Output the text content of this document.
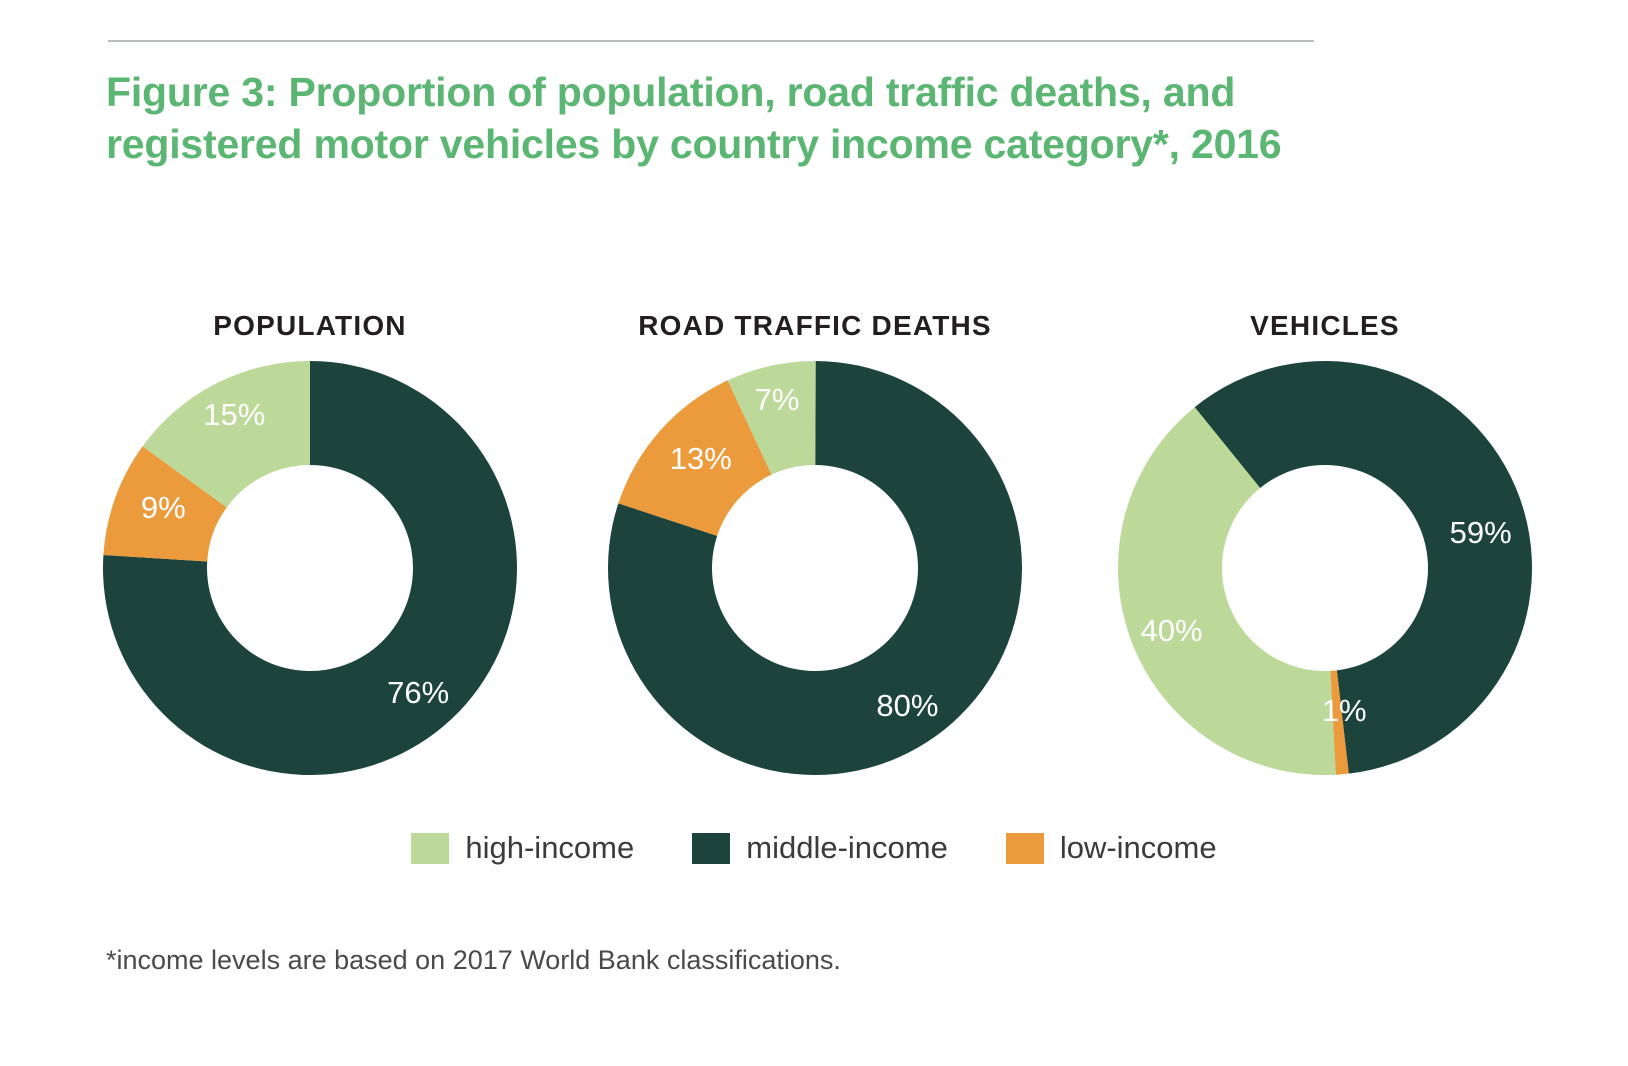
Figure 3: Proportion of population, road traffic deaths, and registered motor vehicles by country income category*, 2016
POPULATION
15%
76%
9%
ROAD TRAFFIC DEATHS
7%
80%
13%
VEHICLES
40%
59%
1%
high-income	middle-income	low-income
*income levels are based on 2017 World Bank classifications.
